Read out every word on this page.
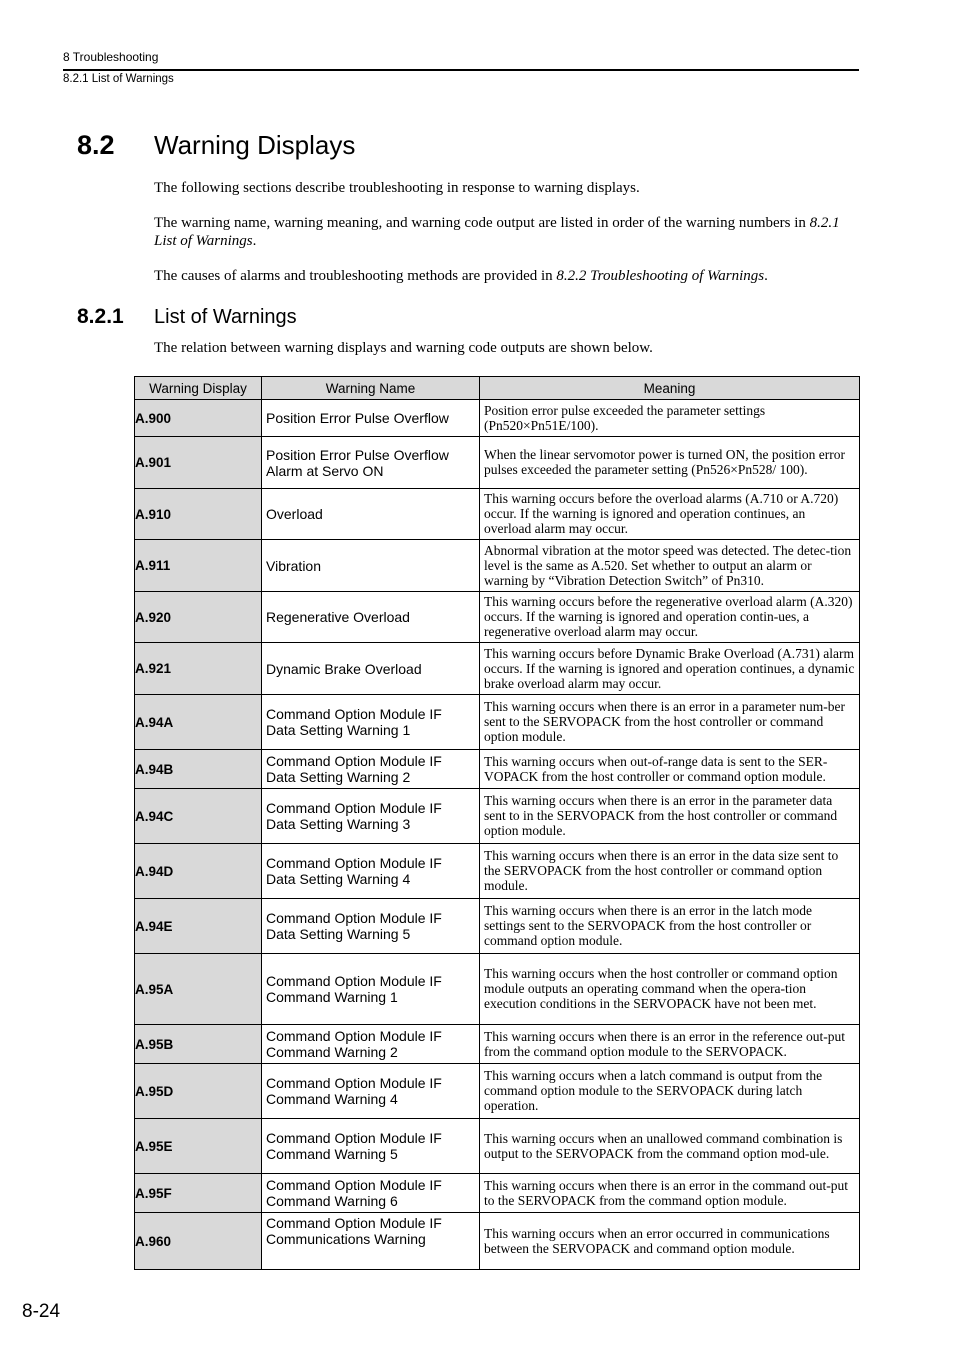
8 Troubleshooting
8.2.1 List of Warnings
8.2 Warning Displays
The following sections describe troubleshooting in response to warning displays.
The warning name, warning meaning, and warning code output are listed in order of the warning numbers in 8.2.1 List of Warnings.
The causes of alarms and troubleshooting methods are provided in 8.2.2 Troubleshooting of Warnings.
8.2.1 List of Warnings
The relation between warning displays and warning code outputs are shown below.
Warning Display	Warning Name	Meaning
A.900	Position Error Pulse Overflow	Position error pulse exceeded the parameter settings (Pn520×Pn51E/100).
A.901	Position Error Pulse Overflow Alarm at Servo ON	When the linear servomotor power is turned ON, the position error pulses exceeded the parameter setting (Pn526×Pn528/ 100).
A.910	Overload	This warning occurs before the overload alarms (A.710 or A.720) occur. If the warning is ignored and operation continues, an overload alarm may occur.
A.911	Vibration	Abnormal vibration at the motor speed was detected. The detec-tion level is the same as A.520. Set whether to output an alarm or warning by “Vibration Detection Switch” of Pn310.
A.920	Regenerative Overload	This warning occurs before the regenerative overload alarm (A.320) occurs. If the warning is ignored and operation contin-ues, a regenerative overload alarm may occur.
A.921	Dynamic Brake Overload	This warning occurs before Dynamic Brake Overload (A.731) alarm occurs. If the warning is ignored and operation continues, a dynamic brake overload alarm may occur.
A.94A	Command Option Module IF Data Setting Warning 1	This warning occurs when there is an error in a parameter num-ber sent to the SERVOPACK from the host controller or command option module.
A.94B	Command Option Module IF Data Setting Warning 2	This warning occurs when out-of-range data is sent to the SER-VOPACK from the host controller or command option module.
A.94C	Command Option Module IF Data Setting Warning 3	This warning occurs when there is an error in the parameter data sent to in the SERVOPACK from the host controller or command option module.
A.94D	Command Option Module IF Data Setting Warning 4	This warning occurs when there is an error in the data size sent to the SERVOPACK from the host controller or command option module.
A.94E	Command Option Module IF Data Setting Warning 5	This warning occurs when there is an error in the latch mode settings sent to the SERVOPACK from the host controller or command option module.
A.95A	Command Option Module IF Command Warning 1	This warning occurs when the host controller or command option module outputs an operating command when the opera-tion execution conditions in the SERVOPACK have not been met.
A.95B	Command Option Module IF Command Warning 2	This warning occurs when there is an error in the reference out-put from the command option module to the SERVOPACK.
A.95D	Command Option Module IF Command Warning 4	This warning occurs when a latch command is output from the command option module to the SERVOPACK during latch operation.
A.95E	Command Option Module IF Command Warning 5	This warning occurs when an unallowed command combination is output to the SERVOPACK from the command option mod-ule.
A.95F	Command Option Module IF Command Warning 6	This warning occurs when there is an error in the command out-put to the SERVOPACK from the command option module.
A.960	Command Option Module IF Communications Warning	This warning occurs when an error occurred in communications between the SERVOPACK and command option module.
8-24
